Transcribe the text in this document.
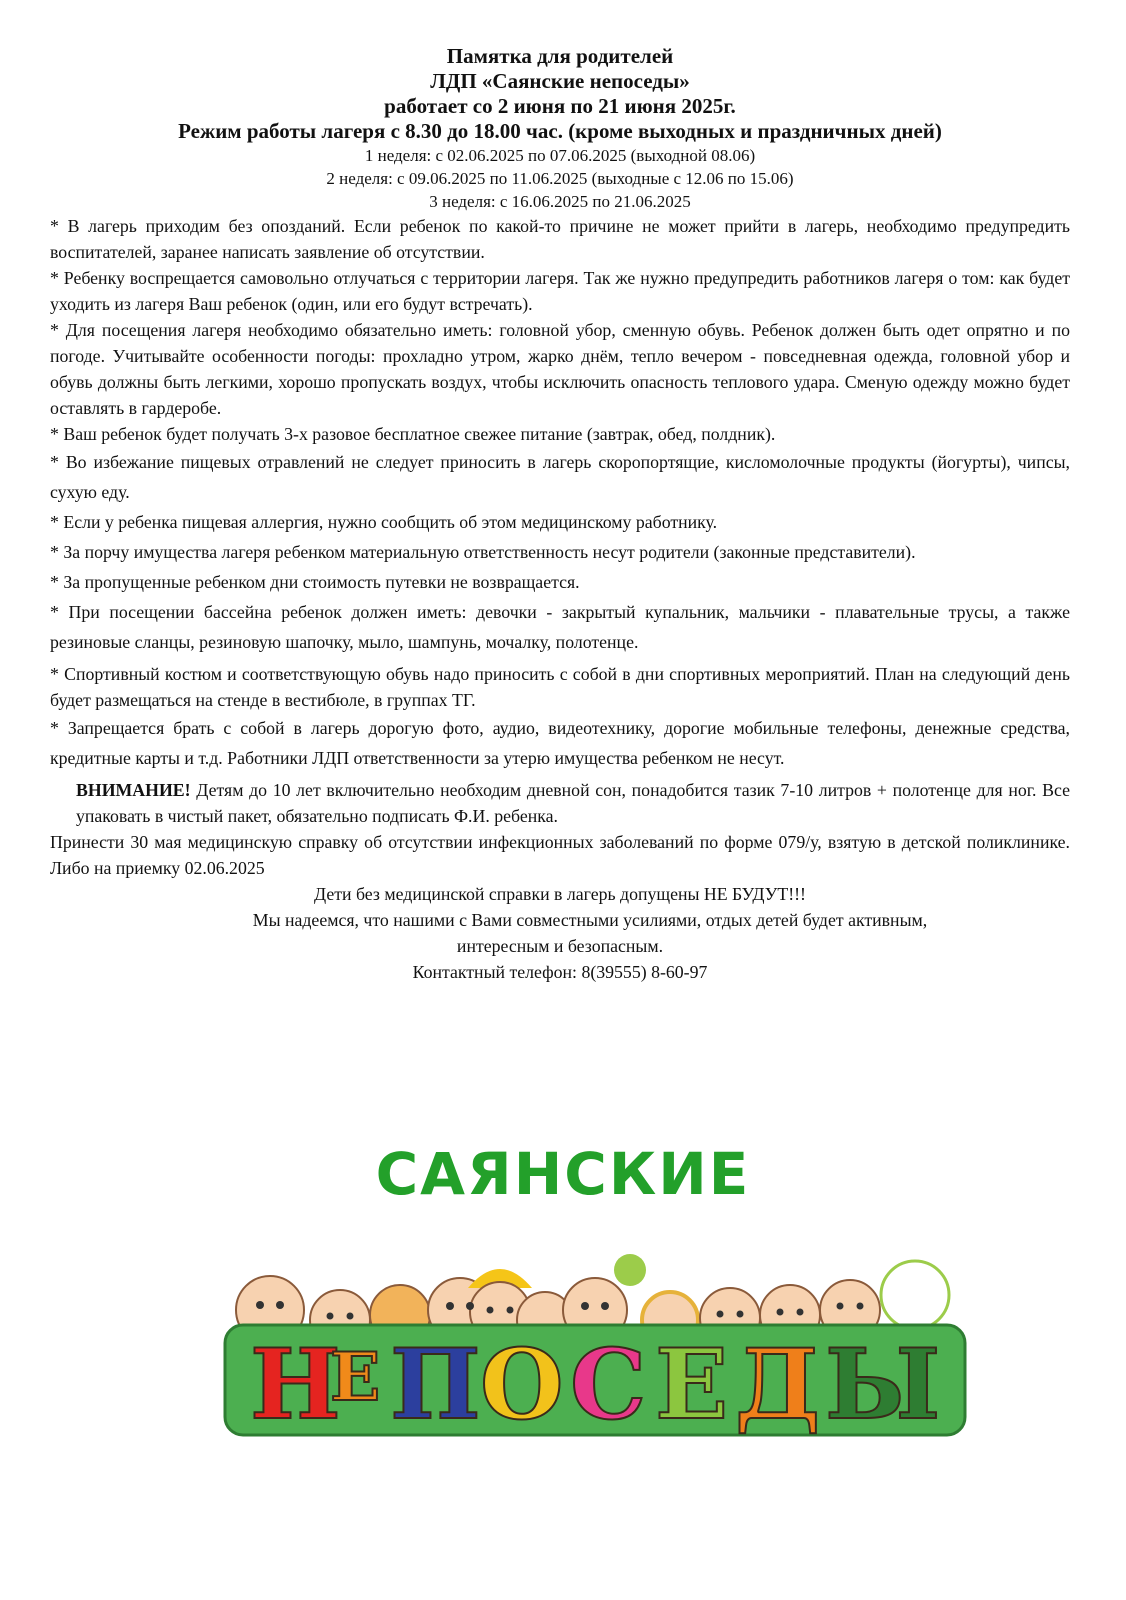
Памятка для родителей
ЛДП «Саянские непоседы»
работает со 2 июня по 21 июня 2025г.
Режим работы лагеря с 8.30 до 18.00 час. (кроме выходных и праздничных дней)
1 неделя: с 02.06.2025 по 07.06.2025 (выходной 08.06)
2 неделя: с 09.06.2025 по 11.06.2025 (выходные с 12.06 по 15.06)
3 неделя: с 16.06.2025 по 21.06.2025

* В лагерь приходим без опозданий. Если ребенок по какой-то причине не может прийти в лагерь, необходимо предупредить воспитателей, заранее написать заявление об отсутствии.

* Ребенку воспрещается самовольно отлучаться с территории лагеря. Так же нужно предупредить работников лагеря о том: как будет уходить из лагеря Ваш ребенок (один, или его будут встречать).

* Для посещения лагеря необходимо обязательно иметь: головной убор, сменную обувь. Ребенок должен быть одет опрятно и по погоде. Учитывайте особенности погоды: прохладно утром, жарко днём, тепло вечером - повседневная одежда, головной убор и обувь должны быть легкими, хорошо пропускать воздух, чтобы исключить опасность теплового удара. Сменую одежду можно будет оставлять в гардеробе.

* Ваш ребенок будет получать 3-х разовое бесплатное свежее питание (завтрак, обед, полдник).

* Во избежание пищевых отравлений не следует приносить в лагерь скоропортящие, кисломолочные продукты (йогурты), чипсы, сухую еду.

* Если у ребенка пищевая аллергия, нужно сообщить об этом медицинскому работнику.

* За порчу имущества лагеря ребенком материальную ответственность несут родители (законные представители).

* За пропущенные ребенком дни стоимость путевки не возвращается.

* При посещении бассейна ребенок должен иметь: девочки - закрытый купальник, мальчики - плавательные трусы, а также резиновые сланцы, резиновую шапочку, мыло, шампунь, мочалку, полотенце.

* Спортивный костюм и соответствующую обувь надо приносить с собой в дни спортивных мероприятий. План на следующий день будет размещаться на стенде в вестибюле, в группах ТГ.

* Запрещается брать с собой в лагерь дорогую фото, аудио, видеотехнику, дорогие мобильные телефоны, денежные средства, кредитные карты и т.д. Работники ЛДП ответственности за утерю имущества ребенком не несут.

ВНИМАНИЕ! Детям до 10 лет включительно необходим дневной сон, понадобится тазик 7-10 литров + полотенце для ног. Все упаковать в чистый пакет, обязательно подписать Ф.И. ребенка.

Принести 30 мая медицинскую справку об отсутствии инфекционных заболеваний по форме 079/у, взятую в детской поликлинике. Либо на приемку 02.06.2025

Дети без медицинской справки в лагерь допущены НЕ БУДУТ!!!
Мы надеемся, что нашими с Вами совместными усилиями, отдых детей будет активным,
интересным и безопасным.
Контактный телефон: 8(39555) 8-60-97
САЯНСКИЕ
Н
Е П О С Е Д Ы
